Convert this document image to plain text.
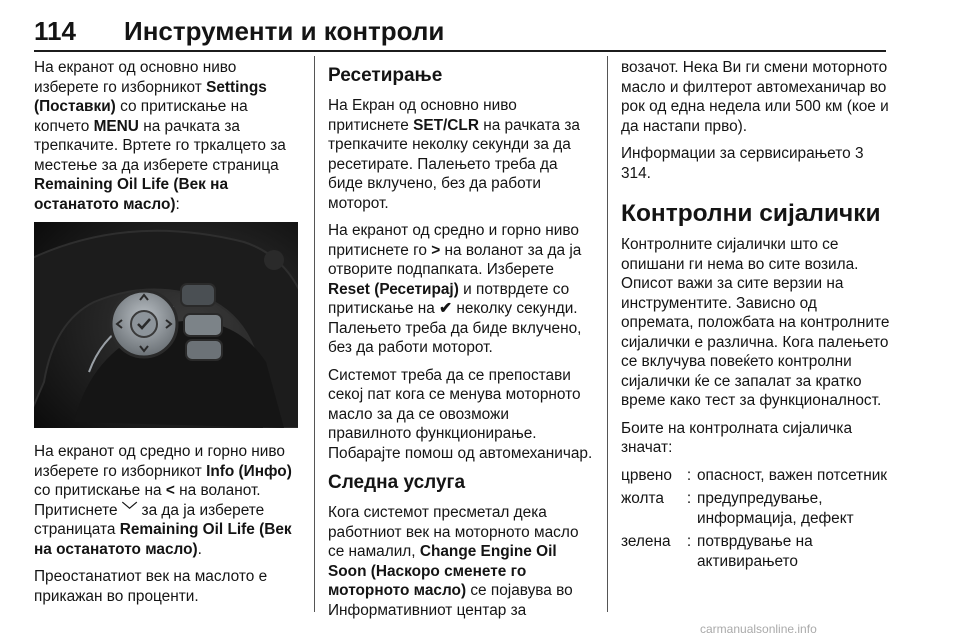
114 Инструменти и контроли

На екранот од основно ниво изберете го изборникот Settings (Поставки) со притискање на копчето MENU на рачката за трепкачите. Вртете го тркалцето за местење за да изберете страница Remaining Oil Life (Век на останатото масло):

На екранот од средно и горно ниво изберете го изборникот Info (Инфо) со притискање на < на воланот. Притиснете ﹀ за да ја изберете страницата Remaining Oil Life (Век на останатото масло).

Преостанатиот век на маслото е прикажан во проценти.

Ресетирање

На Екран од основно ниво притиснете SET/CLR на рачката за трепкачите неколку секунди за да ресетирате. Палењето треба да биде вклучено, без да работи моторот.

На екранот од средно и горно ниво притиснете го > на воланот за да ја отворите подпапката. Изберете Reset (Ресетирај) и потврдете со притискање на ✔ неколку секунди. Палењето треба да биде вклучено, без да работи моторот.

Системот треба да се препостави секој пат кога се менува моторното масло за да се овозможи правилното функционирање. Побарајте помош од автомеханичар.

Следна услуга

Кога системот пресметал дека работниот век на моторното масло се намалил, Change Engine Oil Soon (Наскоро сменете го моторното масло) се појавува во Информативниот центар за

возачот. Нека Ви ги смени моторното масло и филтерот автомеханичар во рок од една недела или 500 км (кое и да настапи прво).

Информации за сервисирањето 3 314.

Контролни сијалички

Контролните сијалички што се опишани ги нема во сите возила. Описот важи за сите верзии на инструментите. Зависно од опремата, положбата на контролните сијалички е различна. Кога палењето се вклучува повеќето контролни сијалички ќе се запалат за кратко време како тест за функционалност.

Боите на контролната сијаличка значат:

црвено	:	опасност, важен потсетник
жолта	:	предупредување, информација, дефект
зелена	:	потврдување на активирањето
carmanualsonline.info
